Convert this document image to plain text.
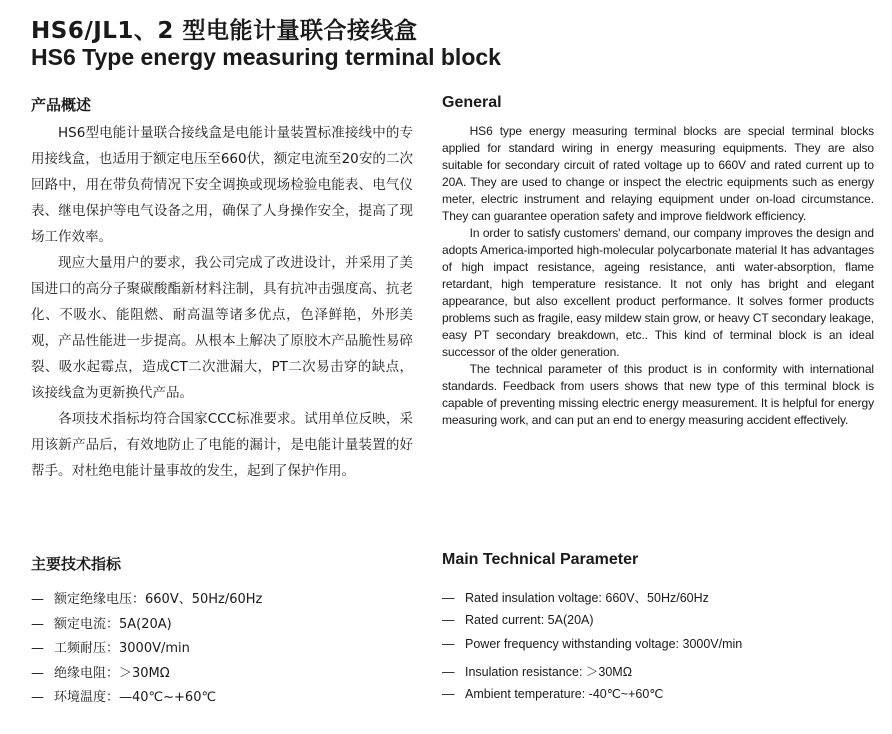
HS6/JL1、2 型电能计量联合接线盒
HS6 Type energy measuring terminal block
产品概述	General

HS6型电能计量联合接线盒是电能计量装置标准接线中的专用接线盒，也适用于额定电压至660伏，额定电流至20安的二次回路中，用在带负荷情况下安全调换或现场检验电能表、电气仪表、继电保护等电气设备之用，确保了人身操作安全，提高了现场工作效率。

现应大量用户的要求，我公司完成了改进设计，并采用了美国进口的高分子聚碳酸酯新材料注制，具有抗冲击强度高、抗老化、不吸水、能阻燃、耐高温等诸多优点，色泽鲜艳，外形美观，产品性能进一步提高。从根本上解决了原胶木产品脆性易碎裂、吸水起霉点，造成CT二次泄漏大，PT二次易击穿的缺点，该接线盒为更新换代产品。

各项技术指标均符合国家CCC标准要求。试用单位反映，采用该新产品后，有效地防止了电能的漏计，是电能计量装置的好帮手。对杜绝电能计量事故的发生，起到了保护作用。

HS6 type energy measuring terminal blocks are special terminal blocks applied for standard wiring in energy measuring equipments. They are also suitable for secondary circuit of rated voltage up to 660V and rated current up to 20A. They are used to change or inspect the electric equipments such as energy meter, electric instrument and relaying equipment under on-load circumstance. They can guarantee operation safety and improve fieldwork efficiency.

In order to satisfy customers' demand, our company improves the design and adopts America-imported high-molecular polycarbonate material It has advantages of high impact resistance, ageing resistance, anti water-absorption, flame retardant, high temperature resistance. It not only has bright and elegant appearance, but also excellent product performance. It solves former products problems such as fragile, easy mildew stain grow, or heavy CT secondary leakage, easy PT secondary breakdown, etc.. This kind of terminal block is an ideal successor of the older generation.

The technical parameter of this product is in conformity with international standards. Feedback from users shows that new type of this terminal block is capable of preventing missing electric energy measurement. It is helpful for energy measuring work, and can put an end to energy measuring accident effectively.

主要技术指标	Main Technical Parameter
— 额定绝缘电压：660V、50Hz/60Hz
— 额定电流：5A(20A)
— 工频耐压：3000V/min
— 绝缘电阻：＞30MΩ
— 环境温度：—40℃~+60℃
— Rated insulation voltage: 660V、50Hz/60Hz
— Rated current: 5A(20A)
— Power frequency withstanding voltage: 3000V/min
— Insulation resistance: ＞30MΩ
— Ambient temperature: -40℃~+60℃
